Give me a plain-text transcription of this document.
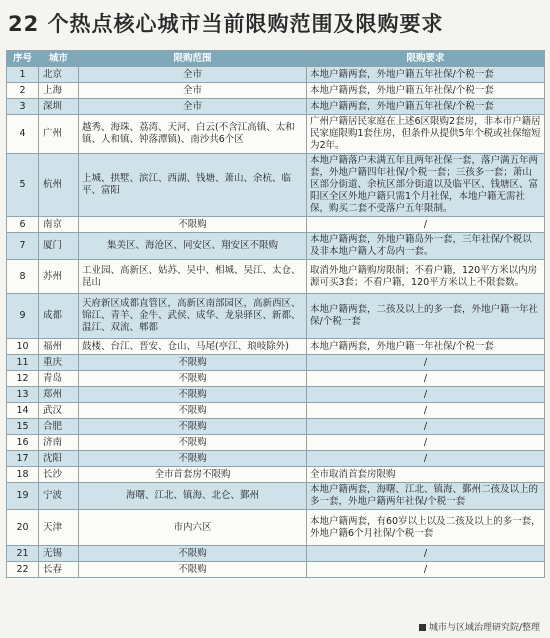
22 个热点核心城市当前限购范围及限购要求
序号	城市	限购范围	限购要求
1	北京	全市	本地户籍两套，外地户籍五年社保/个税一套
2	上海	全市	本地户籍两套，外地户籍五年社保/个税一套
3	深圳	全市	本地户籍两套，外地户籍五年社保/个税一套
4	广州	越秀、海珠、荔湾、天河、白云(不含江高镇、太和镇、人和镇、钟落潭镇)、南沙共6个区	广州户籍居民家庭在上述6区限购2套房，非本市户籍居民家庭限购1套住房，但条件从提供5年个税或社保缩短为2年。
5	杭州	上城、拱墅、滨江、西湖、钱塘、萧山、余杭、临平、富阳	本地户籍落户未满五年且两年社保一套，落户满五年两套，外地户籍四年社保/个税一套；三孩多一套；萧山区部分街道、余杭区部分街道以及临平区、钱塘区、富阳区全区外地户籍只需1个月社保，本地户籍无需社保，购买二套不受落户五年限制。
6	南京	不限购	/
7	厦门	集美区、海沧区、同安区、翔安区不限购	本地户籍两套，外地户籍岛外一套，三年社保/个税以及非本地户籍人才岛内一套。
8	苏州	工业园、高新区、姑苏、吴中、相城、吴江、太仓、昆山	取消外地户籍购房限制；不看户籍，120平方米以内房源可买3套；不看户籍，120平方米以上不限套数。
9	成都	天府新区成都直管区，高新区南部园区，高新西区、锦江、青羊、金牛、武侯、成华、龙泉驿区、新都、温江、双流、郫都	本地户籍两套，二孩及以上的多一套，外地户籍一年社保/个税一套
10	福州	鼓楼、台江、晋安、仓山、马尾(亭江、琅岐除外)	本地户籍两套，外地户籍一年社保/个税一套
11	重庆	不限购	/
12	青岛	不限购	/
13	郑州	不限购	/
14	武汉	不限购	/
15	合肥	不限购	/
16	济南	不限购	/
17	沈阳	不限购	/
18	长沙	全市首套房不限购	全市取消首套房限购
19	宁波	海曙、江北、镇海、北仑、鄞州	本地户籍两套，海曙、江北、镇海、鄞州二孩及以上的多一套，外地户籍两年社保/个税一套
20	天津	市内六区	本地户籍两套，有60岁以上以及二孩及以上的多一套，外地户籍6个月社保/个税一套
21	无锡	不限购	/
22	长春	不限购	/
城市与区域治理研究院/整理
